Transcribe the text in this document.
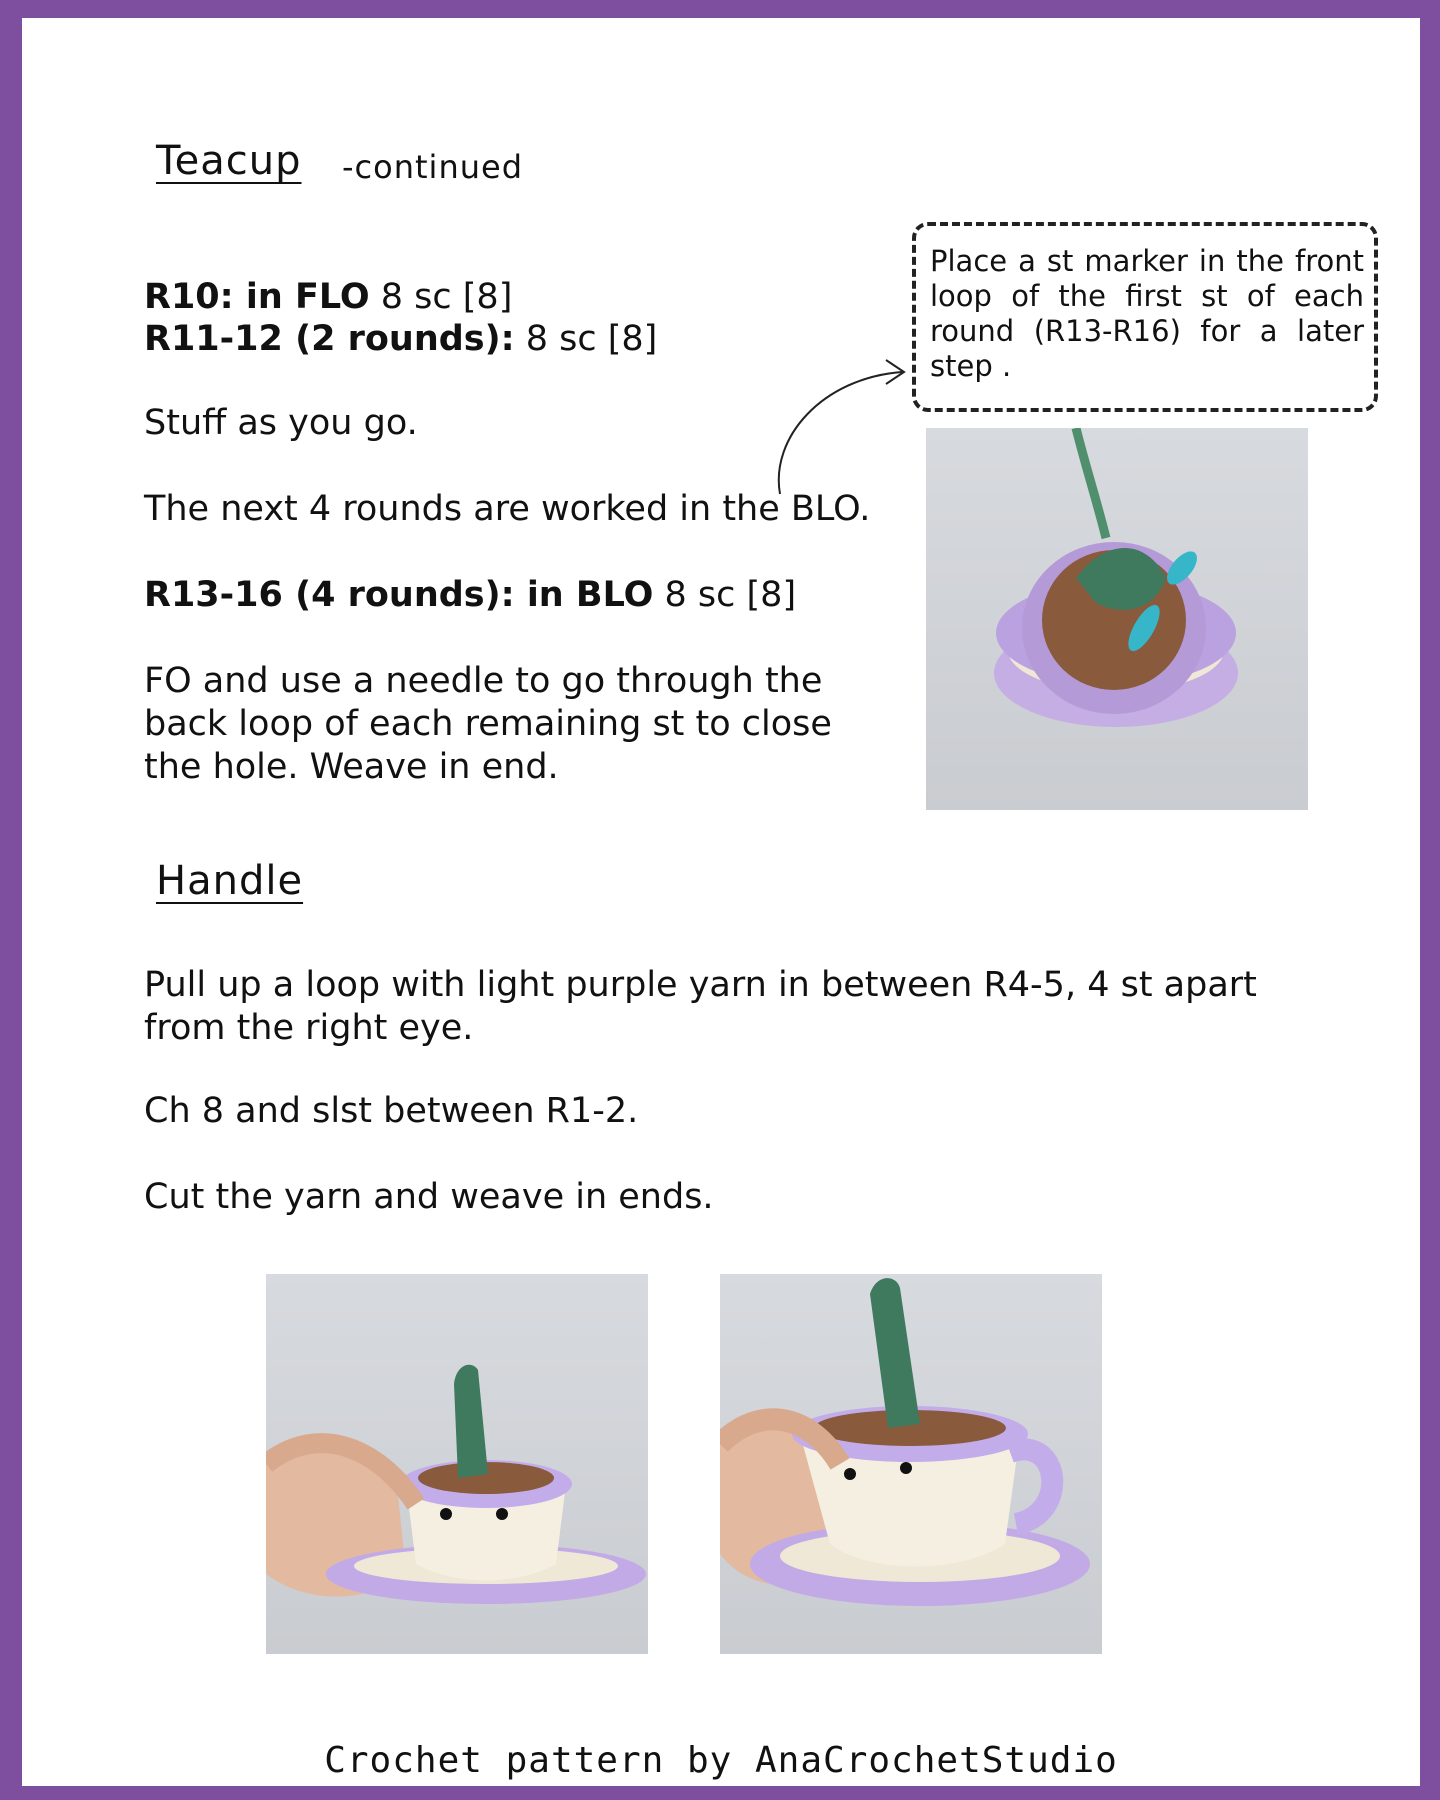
Teacup -continued
R10: in FLO 8 sc [8]
R11-12 (2 rounds): 8 sc [8]
Stuff as you go.
The next 4 rounds are worked in the BLO.
R13-16 (4 rounds): in BLO 8 sc [8]
FO and use a needle to go through the back loop of each remaining st to close the hole. Weave in end.
Place a st marker in the front loop of the first st of each round (R13-R16) for a later step .
Handle
Pull up a loop with light purple yarn in between R4-5, 4 st apart from the right eye.
Ch 8 and slst between R1-2.
Cut the yarn and weave in ends.
Crochet pattern by AnaCrochetStudio
